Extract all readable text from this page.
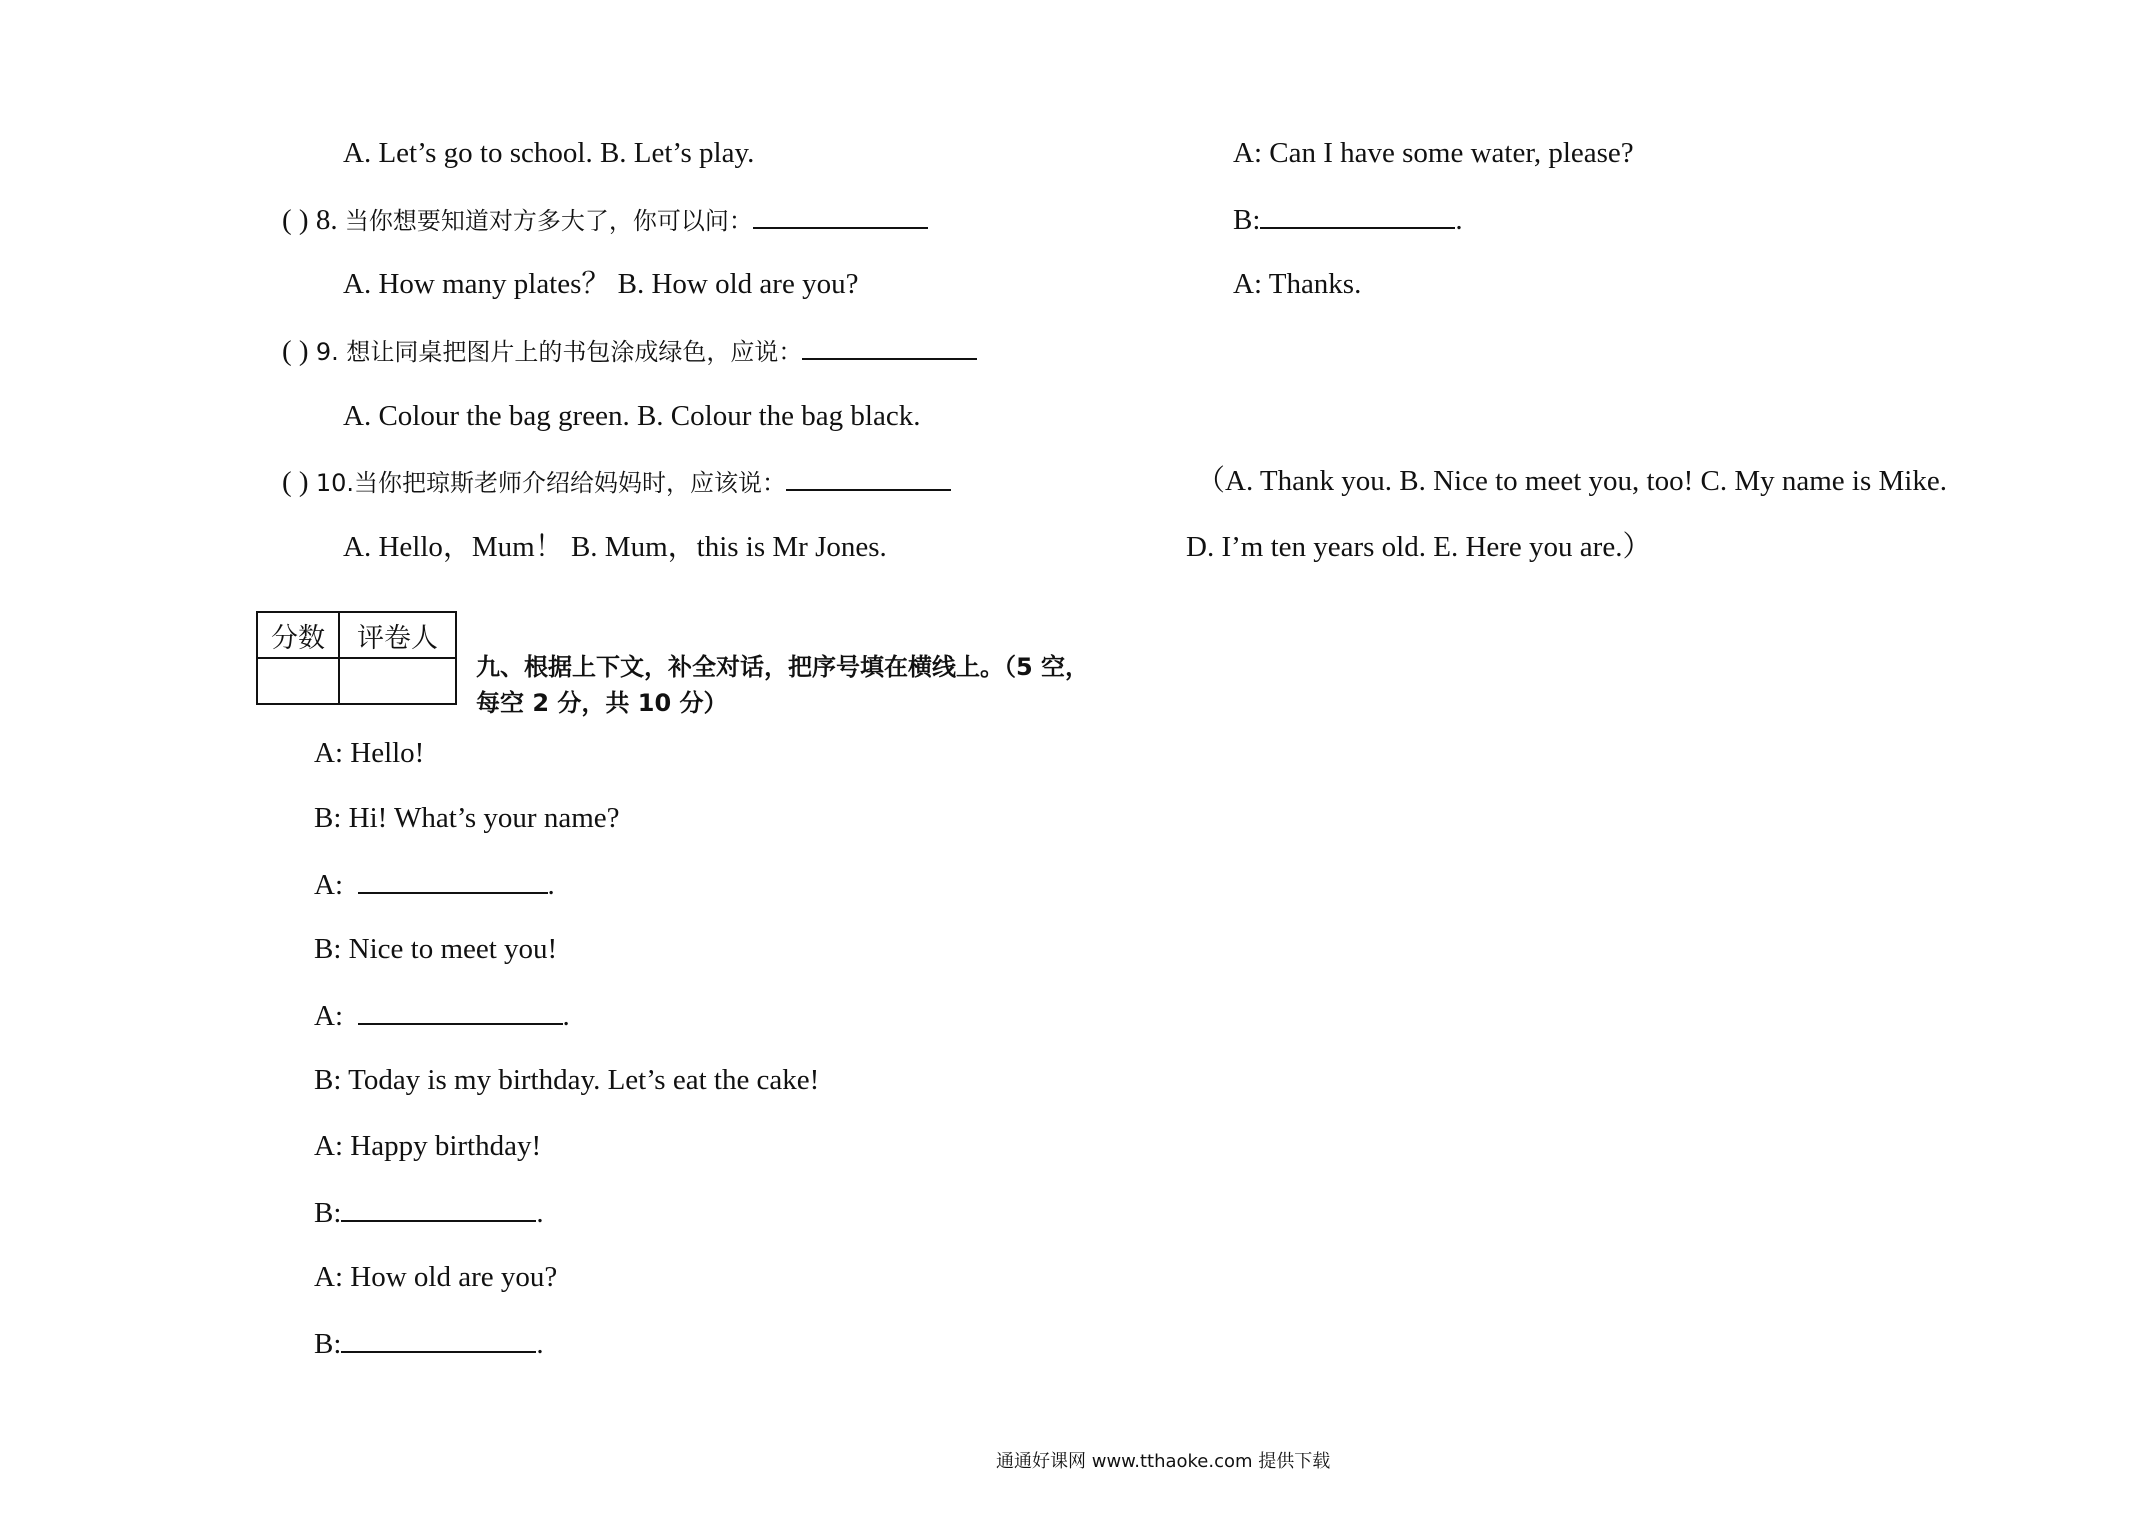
A. Let’s go to school. B. Let’s play.
( ) 8. 当你想要知道对方多大了，你可以问：
A. How many plates？ B. How old are you?
( ) 9. 想让同桌把图片上的书包涂成绿色，应说：
A. Colour the bag green. B. Colour the bag black.
( ) 10.当你把琼斯老师介绍给妈妈时，应该说：
A. Hello，Mum！ B. Mum，this is Mr Jones.
A: Can I have some water, please?
B:	.
A: Thanks.
（A. Thank you. B. Nice to meet you, too! C. My name is Mike.
D. I’m ten years old. E. Here you are.）
分数	评卷人

九、根据上下文，补全对话，把序号填在横线上。（5 空，
每空 2 分，共 10 分）
A: Hello!
B: Hi! What’s your name?
A:	.
B: Nice to meet you!
A:	.
B: Today is my birthday. Let’s eat the cake!
A: Happy birthday!
B:	.
A: How old are you?
B:	.
通通好课网 www.tthaoke.com 提供下载
